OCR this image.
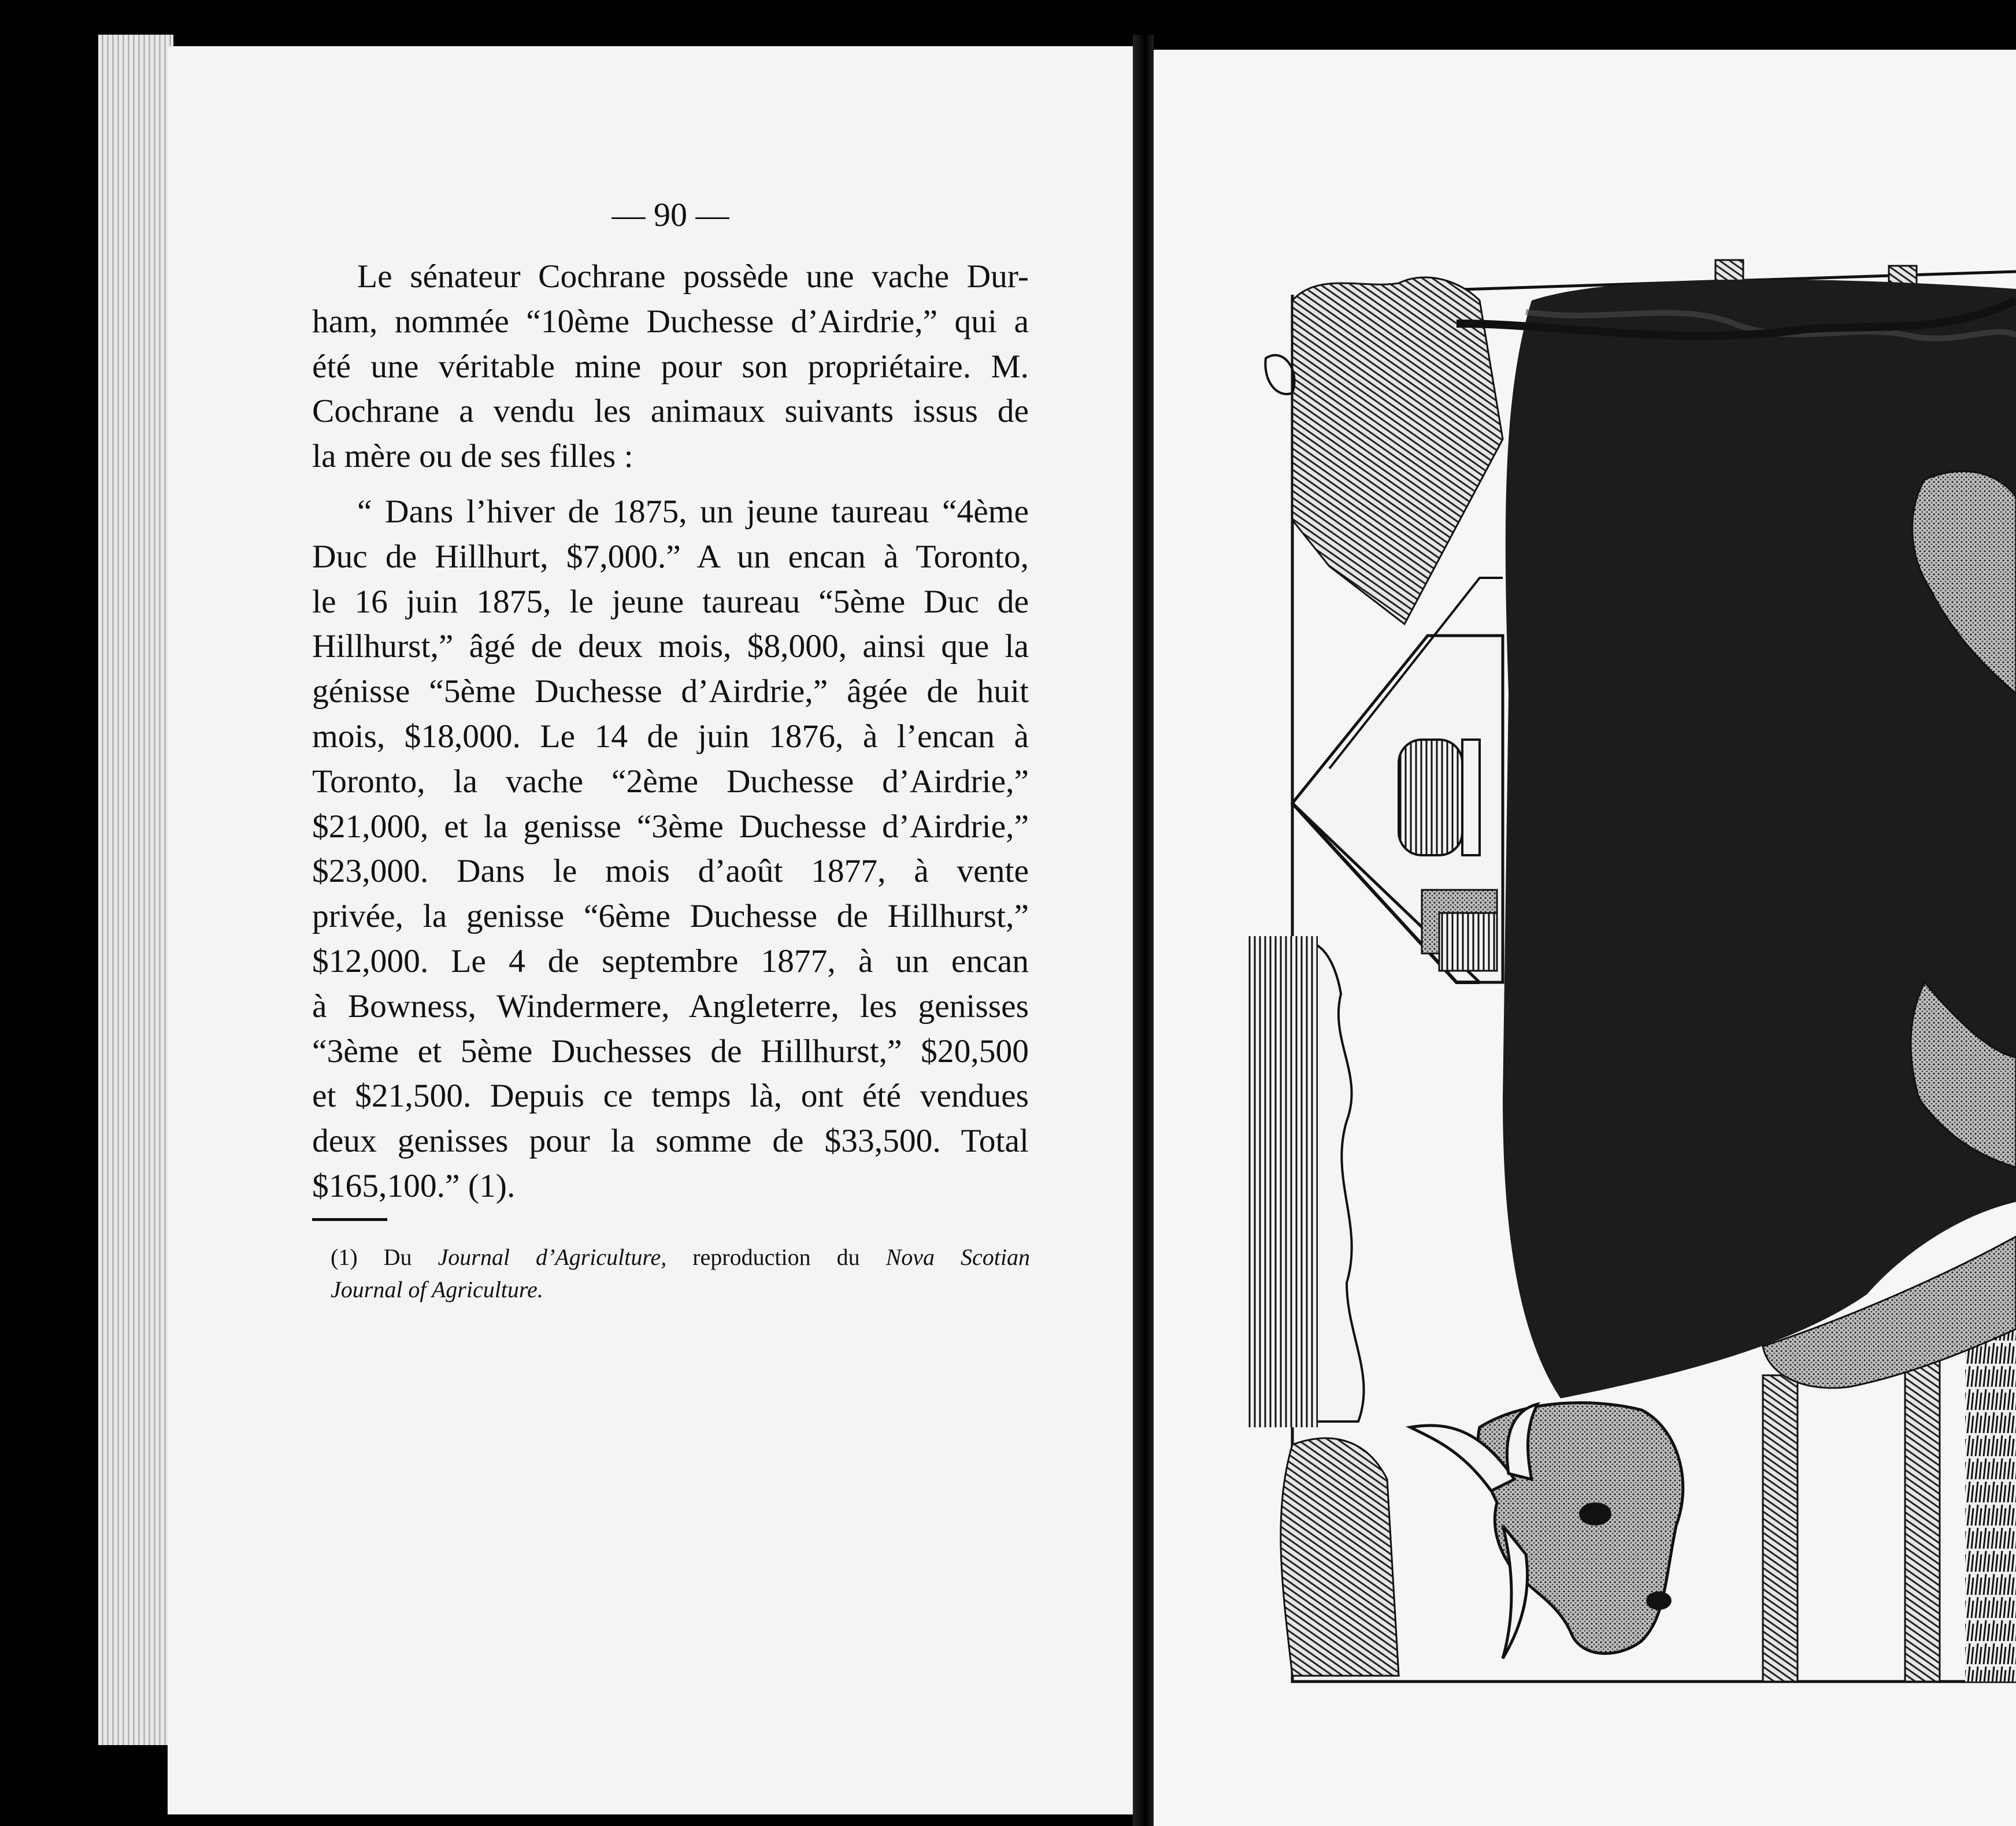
— 90 —
Le sénateur Cochrane possède une vache Dur-
ham, nommée “10ème Duchesse d’Airdrie,” qui a
été une véritable mine pour son propriétaire. M.
Cochrane a vendu les animaux suivants issus de
la mère ou de ses filles :
“ Dans l’hiver de 1875, un jeune taureau “4ème
Duc de Hillhurt, $7,000.” A un encan à Toronto,
le 16 juin 1875, le jeune taureau “5ème Duc de
Hillhurst,” âgé de deux mois, $8,000, ainsi que la
génisse “5ème Duchesse d’Airdrie,” âgée de huit
mois, $18,000. Le 14 de juin 1876, à l’encan à
Toronto, la vache “2ème Duchesse d’Airdrie,”
$21,000, et la genisse “3ème Duchesse d’Airdrie,”
$23,000. Dans le mois d’août 1877, à vente
privée, la genisse “6ème Duchesse de Hillhurst,”
$12,000. Le 4 de septembre 1877, à un encan
à Bowness, Windermere, Angleterre, les genisses
“3ème et 5ème Duchesses de Hillhurst,” $20,500
et $21,500. Depuis ce temps là, ont été vendues
deux genisses pour la somme de $33,500. Total
$165,100.” (1).
(1) Du Journal d’Agriculture, reproduction du Nova Scotian
Journal of Agriculture.
